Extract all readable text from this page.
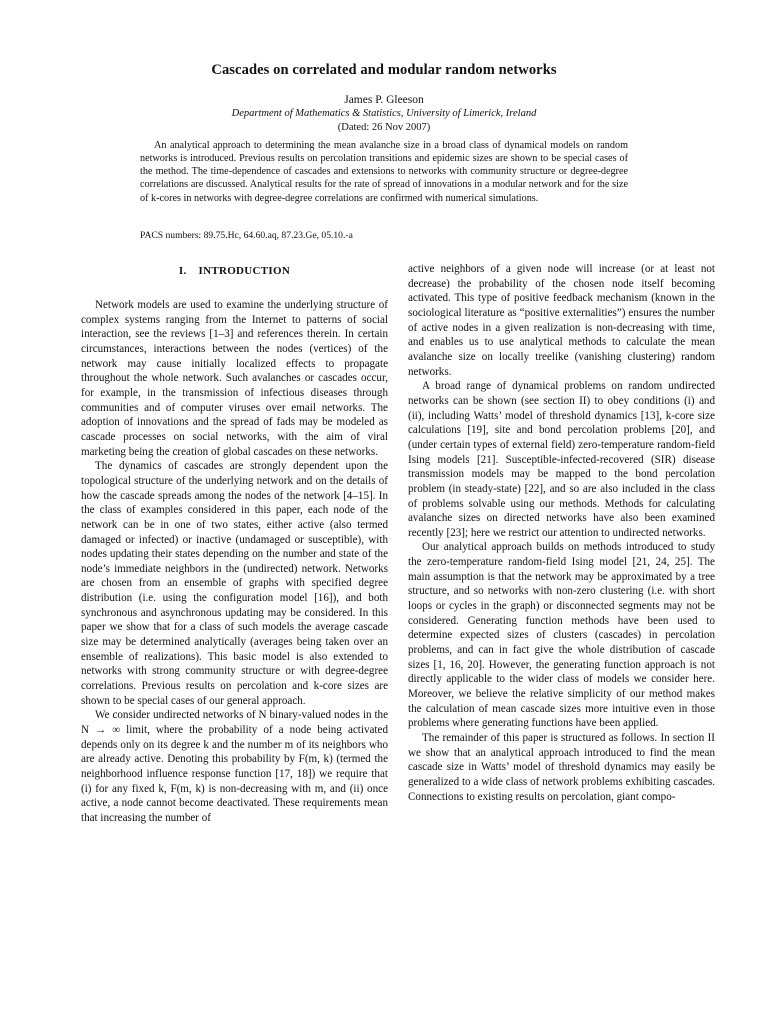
Cascades on correlated and modular random networks
James P. Gleeson
Department of Mathematics & Statistics, University of Limerick, Ireland
(Dated: 26 Nov 2007)
An analytical approach to determining the mean avalanche size in a broad class of dynamical models on random networks is introduced. Previous results on percolation transitions and epidemic sizes are shown to be special cases of the method. The time-dependence of cascades and extensions to networks with community structure or degree-degree correlations are discussed. Analytical results for the rate of spread of innovations in a modular network and for the size of k-cores in networks with degree-degree correlations are confirmed with numerical simulations.
PACS numbers: 89.75.Hc, 64.60.aq, 87.23.Ge, 05.10.-a
I. INTRODUCTION

Network models are used to examine the underlying structure of complex systems ranging from the Internet to patterns of social interaction, see the reviews [1–3] and references therein. In certain circumstances, interactions between the nodes (vertices) of the network may cause initially localized effects to propagate throughout the whole network. Such avalanches or cascades occur, for example, in the transmission of infectious diseases through communities and of computer viruses over email networks. The adoption of innovations and the spread of fads may be modeled as cascade processes on social networks, with the aim of viral marketing being the creation of global cascades on these networks.

The dynamics of cascades are strongly dependent upon the topological structure of the underlying network and on the details of how the cascade spreads among the nodes of the network [4–15]. In the class of examples considered in this paper, each node of the network can be in one of two states, either active (also termed damaged or infected) or inactive (undamaged or susceptible), with nodes updating their states depending on the number and state of the node’s immediate neighbors in the (undirected) network. Networks are chosen from an ensemble of graphs with specified degree distribution (i.e. using the configuration model [16]), and both synchronous and asynchronous updating may be considered. In this paper we show that for a class of such models the average cascade size may be determined analytically (averages being taken over an ensemble of realizations). This basic model is also extended to networks with strong community structure or with degree-degree correlations. Previous results on percolation and k-core sizes are shown to be special cases of our general approach.

We consider undirected networks of N binary-valued nodes in the N → ∞ limit, where the probability of a node being activated depends only on its degree k and the number m of its neighbors who are already active. Denoting this probability by F(m, k) (termed the neighborhood influence response function [17, 18]) we require that (i) for any fixed k, F(m, k) is non-decreasing with m, and (ii) once active, a node cannot become deactivated. These requirements mean that increasing the number of

active neighbors of a given node will increase (or at least not decrease) the probability of the chosen node itself becoming activated. This type of positive feedback mechanism (known in the sociological literature as “positive externalities”) ensures the number of active nodes in a given realization is non-decreasing with time, and enables us to use analytical methods to calculate the mean avalanche size on locally treelike (vanishing clustering) random networks.

A broad range of dynamical problems on random undirected networks can be shown (see section II) to obey conditions (i) and (ii), including Watts’ model of threshold dynamics [13], k-core size calculations [19], site and bond percolation problems [20], and (under certain types of external field) zero-temperature random-field Ising models [21]. Susceptible-infected-recovered (SIR) disease transmission models may be mapped to the bond percolation problem (in steady-state) [22], and so are also included in the class of problems solvable using our methods. Methods for calculating avalanche sizes on directed networks have also been examined recently [23]; here we restrict our attention to undirected networks.

Our analytical approach builds on methods introduced to study the zero-temperature random-field Ising model [21, 24, 25]. The main assumption is that the network may be approximated by a tree structure, and so networks with non-zero clustering (i.e. with short loops or cycles in the graph) or disconnected segments may not be considered. Generating function methods have been used to determine expected sizes of clusters (cascades) in percolation problems, and can in fact give the whole distribution of cascade sizes [1, 16, 20]. However, the generating function approach is not directly applicable to the wider class of models we consider here. Moreover, we believe the relative simplicity of our method makes the calculation of mean cascade sizes more intuitive even in those problems where generating functions have been applied.

The remainder of this paper is structured as follows. In section II we show that an analytical approach introduced to find the mean cascade size in Watts’ model of threshold dynamics may easily be generalized to a wide class of network problems exhibiting cascades. Connections to existing results on percolation, giant compo-
